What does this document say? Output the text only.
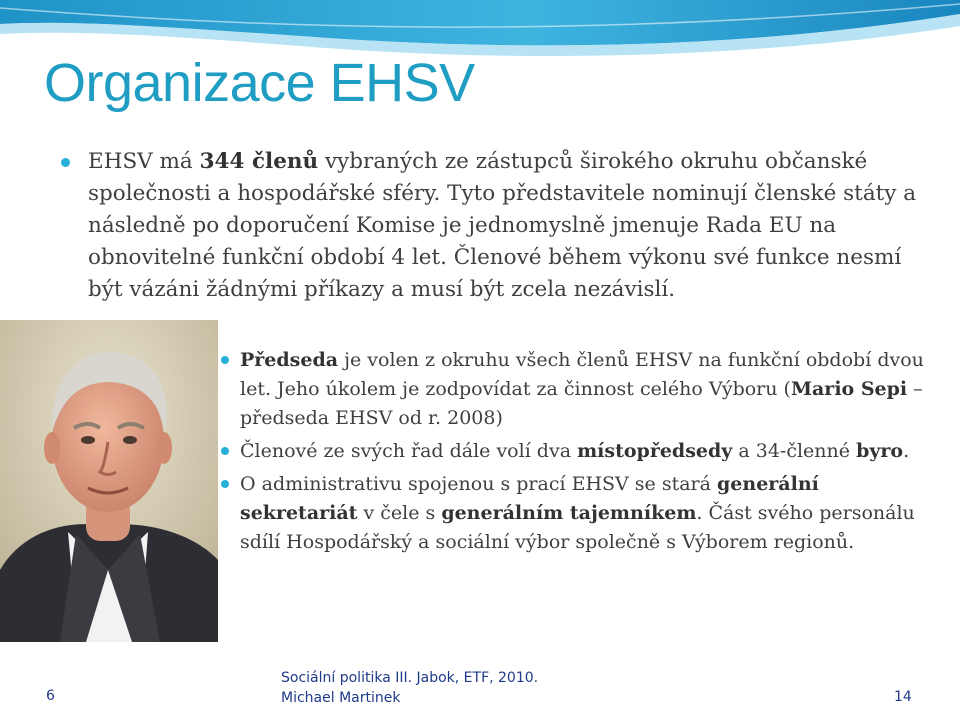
Organizace EHSV
EHSV má 344 členů vybraných ze zástupců širokého okruhu občanské společnosti a hospodářské sféry. Tyto představitele nominují členské státy a následně po doporučení Komise je jednomyslně jmenuje Rada EU na obnovitelné funkční období 4 let. Členové během výkonu své funkce nesmí být vázáni žádnými příkazy a musí být zcela nezávislí.
Předseda je volen z okruhu všech členů EHSV na funkční období dvou let. Jeho úkolem je zodpovídat za činnost celého Výboru (Mario Sepi – předseda EHSV od r. 2008)
Členové ze svých řad dále volí dva místopředsedy a 34-členné byro.
O administrativu spojenou s prací EHSV se stará generální sekretariát v čele s generálním tajemníkem. Část svého personálu sdílí Hospodářský a sociální výbor společně s Výborem regionů.
6
Sociální politika III. Jabok, ETF, 2010.
Michael Martinek	14
